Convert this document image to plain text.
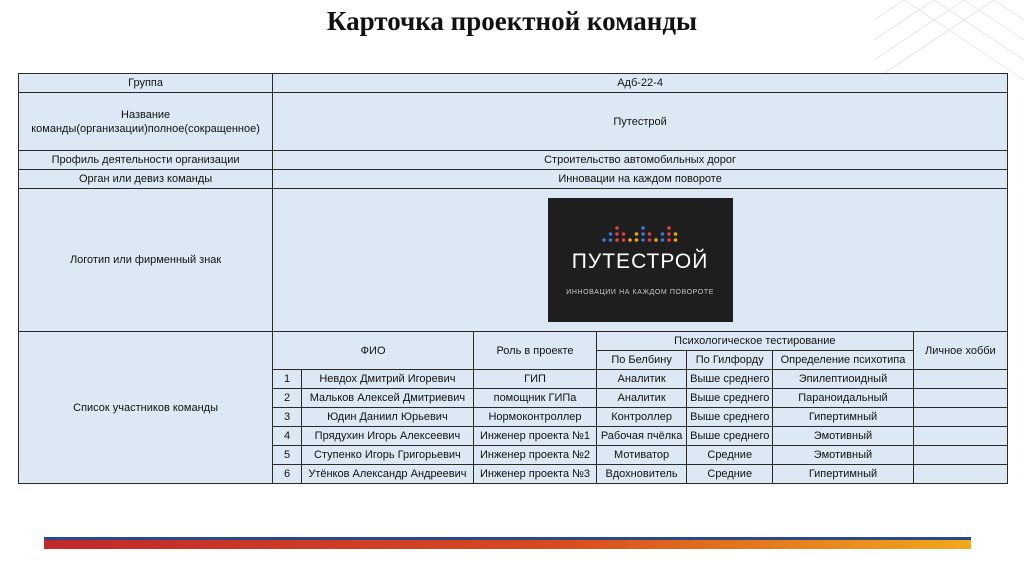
Карточка проектной команды
Группа	Адб-22-4						
Название команды(организации)полное(сокращенное)	Путестрой						
Профиль деятельности организации	Строительство автомобильных дорог						
Орган или девиз команды	Инновации на каждом повороте						
Логотип или фирменный знак	ПУТЕСТРОЙ
ИННОВАЦИИ НА КАЖДОМ ПОВОРОТЕ						

Список участников команды	ФИО		Роль в проекте	Психологическое тестирование			Личное хобби
				По Белбину	По Гилфорду	Определение психотипа	
	1	Невдох Дмитрий Игоревич	ГИП	Аналитик	Выше среднего	Эпилептиоидный	
	2	Мальков Алексей Дмитриевич	помощник ГИПа	Аналитик	Выше среднего	Параноидальный	
	3	Юдин Даниил Юрьевич	Нормоконтроллер	Контроллер	Выше среднего	Гипертимный	
	4	Прядухин Игорь Алексеевич	Инженер проекта №1	Рабочая пчёлка	Выше среднего	Эмотивный	
	5	Ступенко Игорь Григорьевич	Инженер проекта №2	Мотиватор	Средние	Эмотивный	
	6	Утёнков Александр Андреевич	Инженер проекта №3	Вдохновитель	Средние	Гипертимный	
